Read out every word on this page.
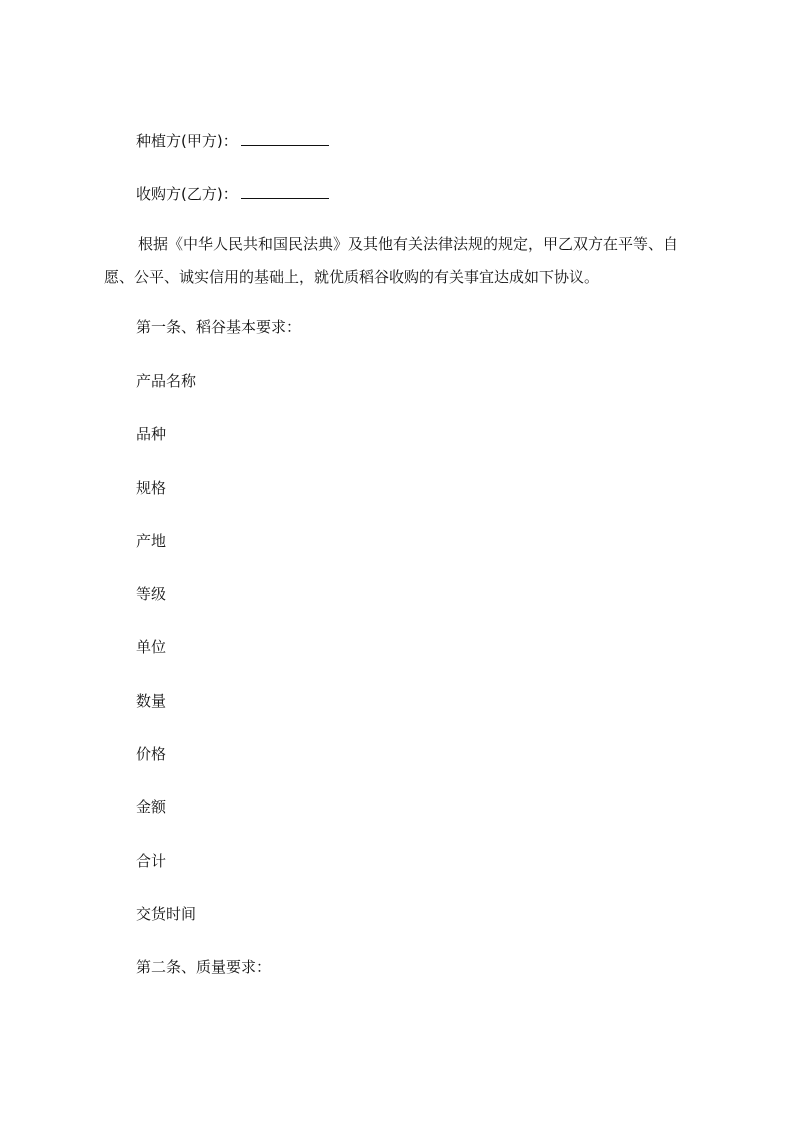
种植方(甲方)：
收购方(乙方)：
根据《中华人民共和国民法典》及其他有关法律法规的规定，甲乙双方在平等、自愿、公平、诚实信用的基础上，就优质稻谷收购的有关事宜达成如下协议。
第一条、稻谷基本要求：
产品名称
品种
规格
产地
等级
单位
数量
价格
金额
合计
交货时间
第二条、质量要求：
